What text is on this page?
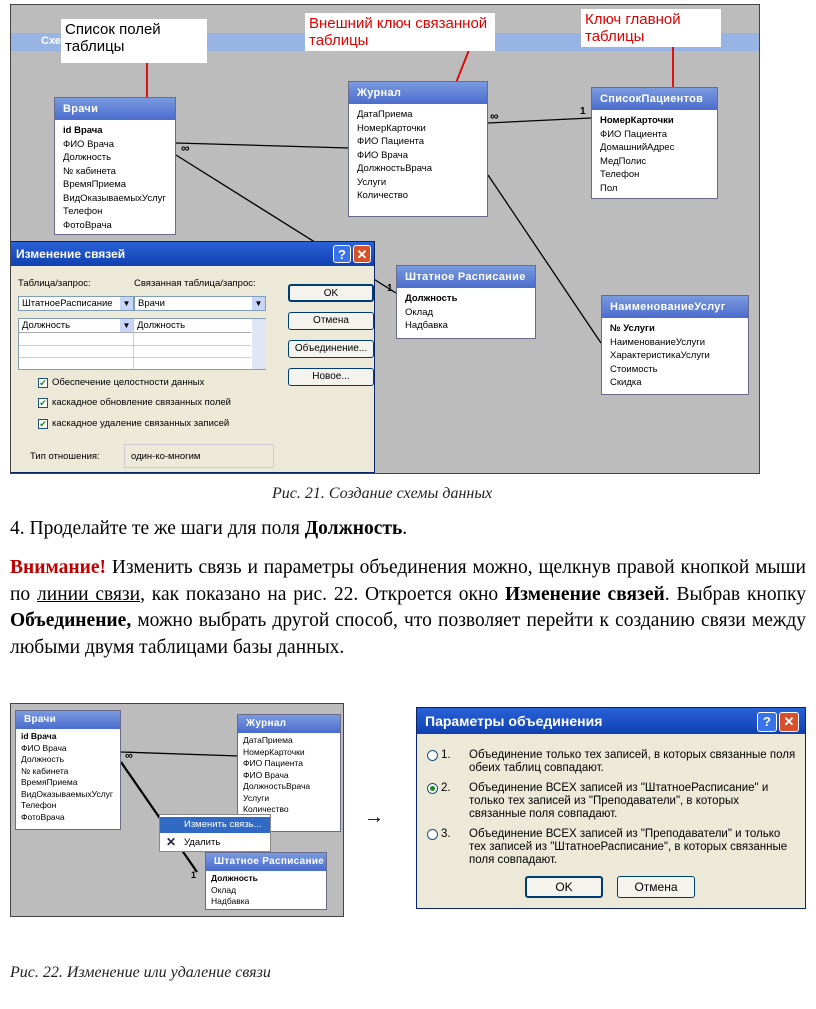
Схе
∞
∞	1
1
Список полей таблицы
Внешний ключ связанной таблицы
Ключ главной таблицы
Врачи
id Врача
ФИО Врача
Должность
№ кабинета
ВремяПриема
ВидОказываемыхУслуг
Телефон
ФотоВрача
Журнал
ДатаПриема
НомерКарточки
ФИО Пациента
ФИО Врача
ДолжностьВрача
Услуги
Количество
СписокПациентов
НомерКарточки
ФИО Пациента
ДомашнийАдрес
МедПолис
Телефон
Пол
Штатное Расписание
Должность
Оклад
Надбавка
НаименованиеУслуг
№ Услуги
НаименованиеУслуги
ХарактеристикаУслуги
Стоимость
Скидка
Изменение связей	? ✕
Таблица/запрос:	Связанная таблица/запрос:
ШтатноеРасписание	▼ Врачи	▼
Должность	▼ Должность
✔ Обеспечение целостности данных
✔ каскадное обновление связанных полей
✔ каскадное удаление связанных записей
Тип отношения:	один-ко-многим
OK
Отмена
Объединение...
Новое...
Рис. 21. Создание схемы данных
4. Проделайте те же шаги для поля Должность.
Внимание! Изменить связь и параметры объединения можно, щелкнув правой кнопкой мыши по линии связи, как показано на рис. 22. Откроется окно Изменение связей. Выбрав кнопку Объединение, можно выбрать другой способ, что позволяет перейти к созданию связи между любыми двумя таблицами базы данных.
∞
1
Врачи
id Врача
ФИО Врача
Должность
№ кабинета
ВремяПриема
ВидОказываемыхУслуг
Телефон
ФотоВрача
Журнал
ДатаПриема
НомерКарточки
ФИО Пациента
ФИО Врача
ДолжностьВрача
Услуги
Количество
Штатное Расписание
Должность
Оклад
Надбавка
Изменить связь...
Удалить
✕
→
Параметры объединения	? ✕
1. Объединение только тех записей, в которых связанные поля обеих таблиц совпадают.
2. Объединение ВСЕХ записей из "ШтатноеРасписание" и только тех записей из "Преподаватели", в которых связанные поля совпадают.
3. Объединение ВСЕХ записей из "Преподаватели" и только тех записей из "ШтатноеРасписание", в которых связанные поля совпадают.
OK	Отмена
Рис. 22. Изменение или удаление связи
